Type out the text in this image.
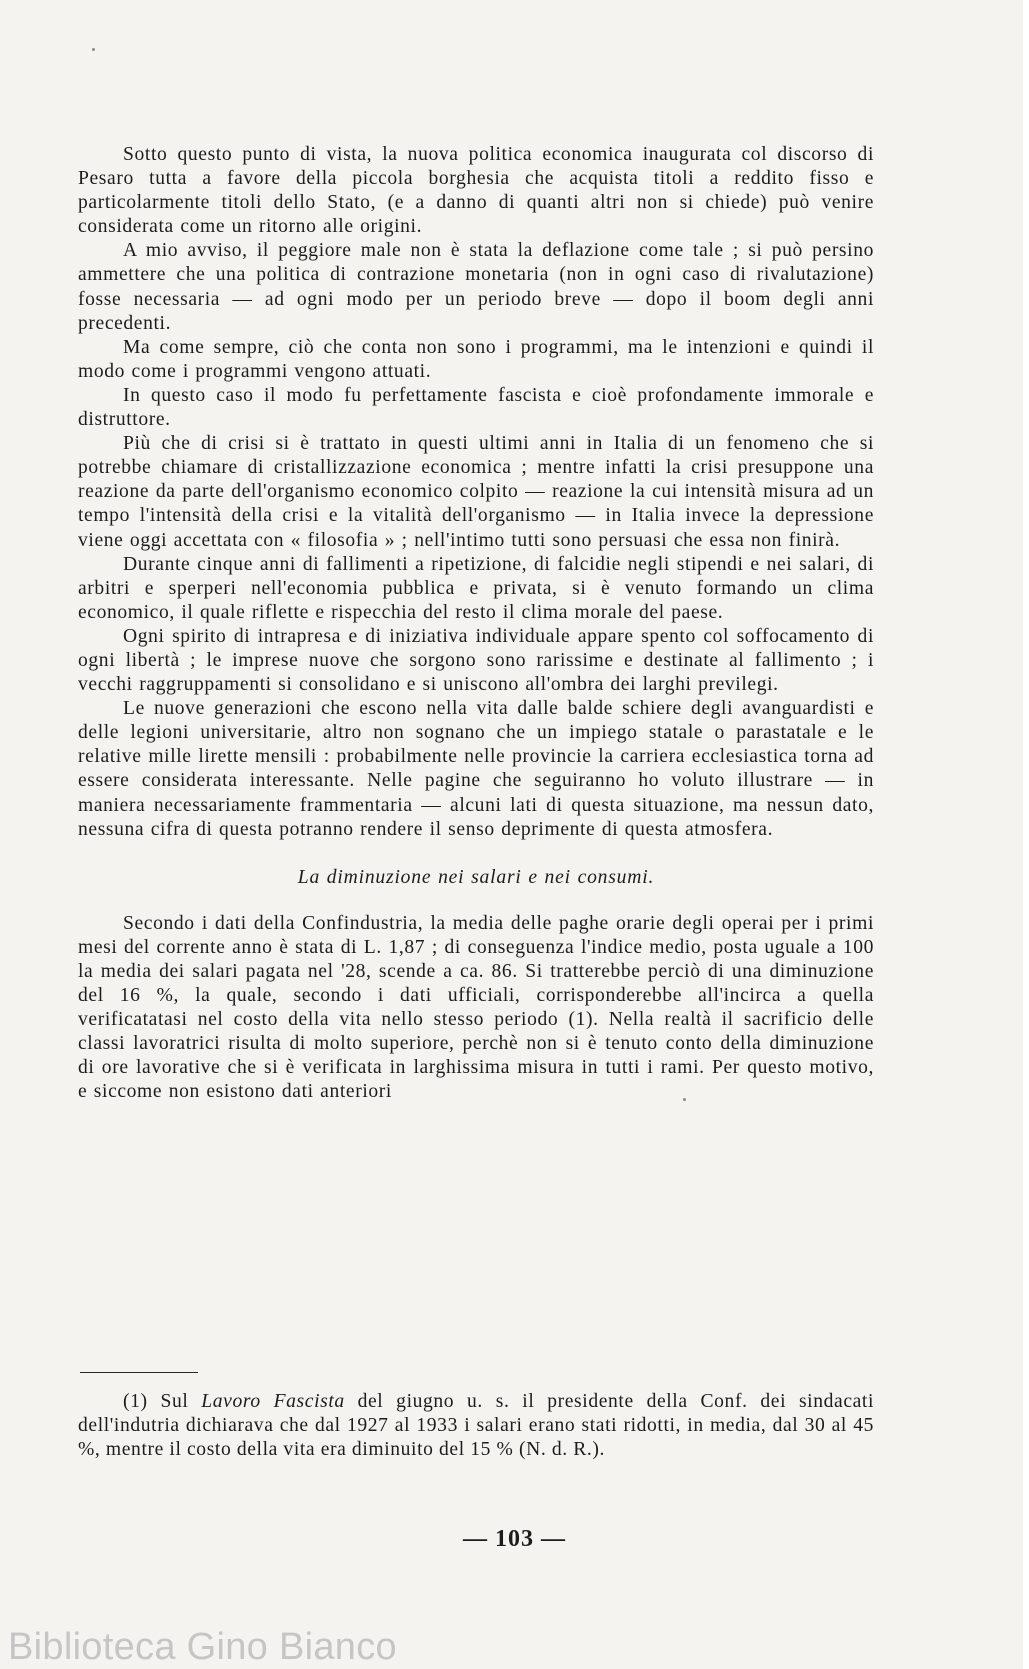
Sotto questo punto di vista, la nuova politica economica inaugurata col discorso di Pesaro tutta a favore della piccola borghesia che acquista titoli a reddito fisso e particolarmente titoli dello Stato, (e a danno di quanti altri non si chiede) può venire considerata come un ritorno alle origini.

A mio avviso, il peggiore male non è stata la deflazione come tale ; si può persino ammettere che una politica di contrazione monetaria (non in ogni caso di rivalutazione) fosse necessaria — ad ogni modo per un periodo breve — dopo il boom degli anni precedenti.

Ma come sempre, ciò che conta non sono i programmi, ma le intenzioni e quindi il modo come i programmi vengono attuati.

In questo caso il modo fu perfettamente fascista e cioè profondamente immorale e distruttore.

Più che di crisi si è trattato in questi ultimi anni in Italia di un fenomeno che si potrebbe chiamare di cristallizzazione economica ; mentre infatti la crisi presuppone una reazione da parte dell'organismo economico colpito — reazione la cui intensità misura ad un tempo l'intensità della crisi e la vitalità dell'organismo — in Italia invece la depressione viene oggi accettata con « filosofia » ; nell'intimo tutti sono persuasi che essa non finirà.

Durante cinque anni di fallimenti a ripetizione, di falcidie negli stipendi e nei salari, di arbitri e sperperi nell'economia pubblica e privata, si è venuto formando un clima economico, il quale riflette e rispecchia del resto il clima morale del paese.

Ogni spirito di intrapresa e di iniziativa individuale appare spento col soffocamento di ogni libertà ; le imprese nuove che sorgono sono rarissime e destinate al fallimento ; i vecchi raggruppamenti si consolidano e si uniscono all'ombra dei larghi previlegi.

Le nuove generazioni che escono nella vita dalle balde schiere degli avanguardisti e delle legioni universitarie, altro non sognano che un impiego statale o parastatale e le relative mille lirette mensili : probabilmente nelle provincie la carriera ecclesiastica torna ad essere considerata interessante. Nelle pagine che seguiranno ho voluto illustrare — in maniera necessariamente frammentaria — alcuni lati di questa situazione, ma nessun dato, nessuna cifra di questa potranno rendere il senso deprimente di questa atmosfera.

La diminuzione nei salari e nei consumi.

Secondo i dati della Confindustria, la media delle paghe orarie degli operai per i primi mesi del corrente anno è stata di L. 1,87 ; di conseguenza l'indice medio, posta uguale a 100 la media dei salari pagata nel '28, scende a ca. 86. Si tratterebbe perciò di una diminuzione del 16 %, la quale, secondo i dati ufficiali, corrisponderebbe all'incirca a quella verificatatasi nel costo della vita nello stesso periodo (1). Nella realtà il sacrificio delle classi lavoratrici risulta di molto superiore, perchè non si è tenuto conto della diminuzione di ore lavorative che si è verificata in larghissima misura in tutti i rami. Per questo motivo, e siccome non esistono dati anteriori

(1) Sul Lavoro Fascista del giugno u. s. il presidente della Conf. dei sindacati dell'indutria dichiarava che dal 1927 al 1933 i salari erano stati ridotti, in media, dal 30 al 45 %, mentre il costo della vita era diminuito del 15 % (N. d. R.).
— 103 —
Biblioteca Gino Bianco
